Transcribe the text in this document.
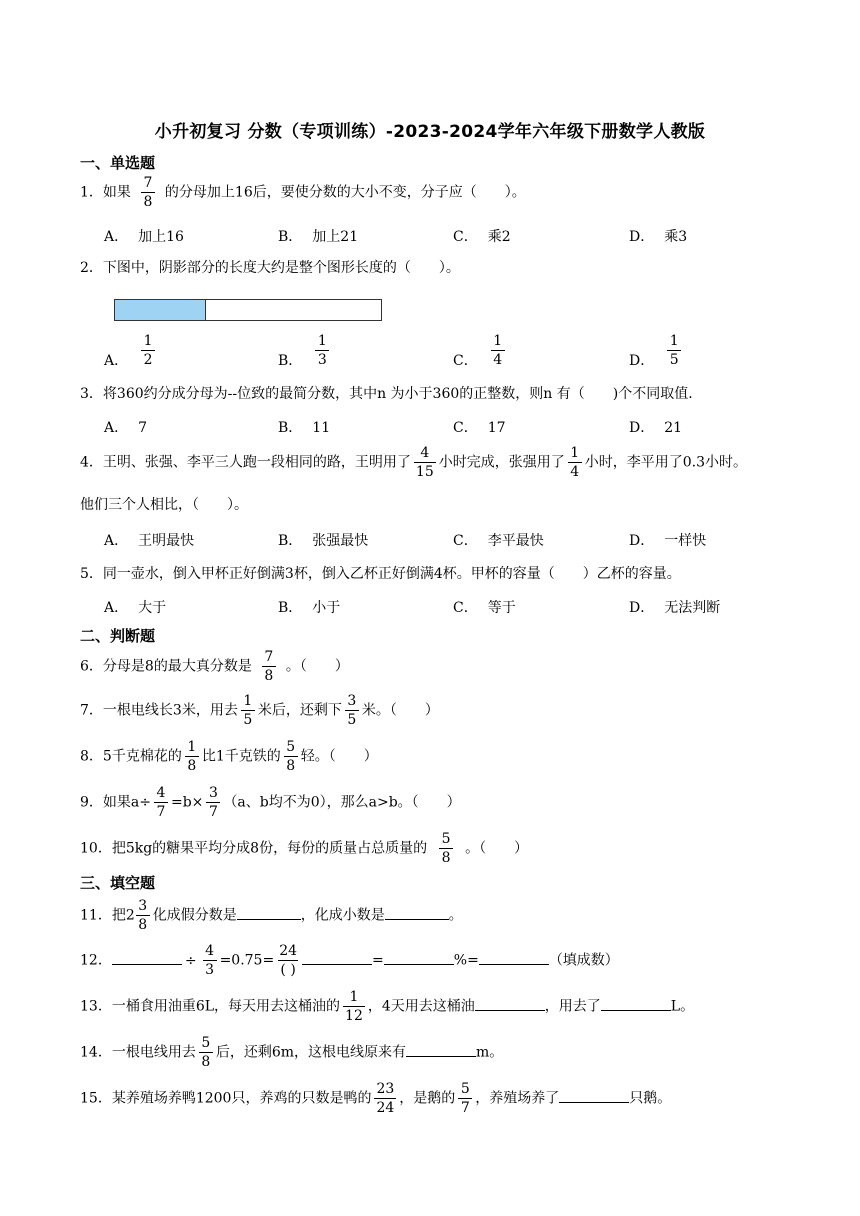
小升初复习 分数（专项训练）-2023-2024学年六年级下册数学人教版
一、单选题
1．如果 $\frac{7}{8}$ 的分母加上16后，要使分数的大小不变，分子应（　　）。
A． 加上16	B． 加上21	C． 乘2	D． 乘3
2．下图中，阴影部分的长度大约是整个图形长度的（　　）。
A． $\frac{1}{2}$	B． $\frac{1}{3}$	C． $\frac{1}{4}$	D． $\frac{1}{5}$
3．将360约分成分母为--位致的最简分数，其中n 为小于360的正整数，则n 有（　　)个不同取值.
A． 7	B． 11	C． 17	D． 21
4．王明、张强、李平三人跑一段相同的路，王明用了 $\frac{4}{15}$ 小时完成，张强用了 $\frac{1}{4}$ 小时，李平用了0.3小时。
他们三个人相比，（　　）。
A． 王明最快	B． 张强最快	C． 李平最快	D． 一样快
5．同一壶水，倒入甲杯正好倒满3杯，倒入乙杯正好倒满4杯。甲杯的容量（　　）乙杯的容量。
A． 大于	B． 小于	C． 等于	D． 无法判断
二、判断题
6．分母是8的最大真分数是 $\frac{7}{8}$ 。（　　）
7．一根电线长3米，用去 $\frac{1}{5}$ 米后，还剩下 $\frac{3}{5}$ 米。（　　）
8．5千克棉花的 $\frac{1}{8}$ 比1千克铁的 $\frac{5}{8}$ 轻。（　　）
9．如果$a\div \frac{4}{7} =b\times \frac{3}{7} (a$、b均不为0），那么a>b。（　　）
10．把5kg的糖果平均分成8份，每份的质量占总质量的 $\frac{5}{8}$ 。（　　）
三、填空题
11．把$2 \frac{3}{8}$ 化成假分数是	，化成小数是	。
12．	÷ $\frac{4}{3} =0.75= \frac{24}{( )}$	=	%=	（填成数）
13．一桶食用油重6L，每天用去这桶油的 $\frac{1}{12}$ ，4天用去这桶油	，用去了	L。
14．一根电线用去 $\frac{5}{8}$ 后，还剩6m，这根电线原来有	m。
15．某养殖场养鸭1200只，养鸡的只数是鸭的 $\frac{23}{24}$ ，是鹅的 $\frac{5}{7}$ ，养殖场养了	只鹅。
